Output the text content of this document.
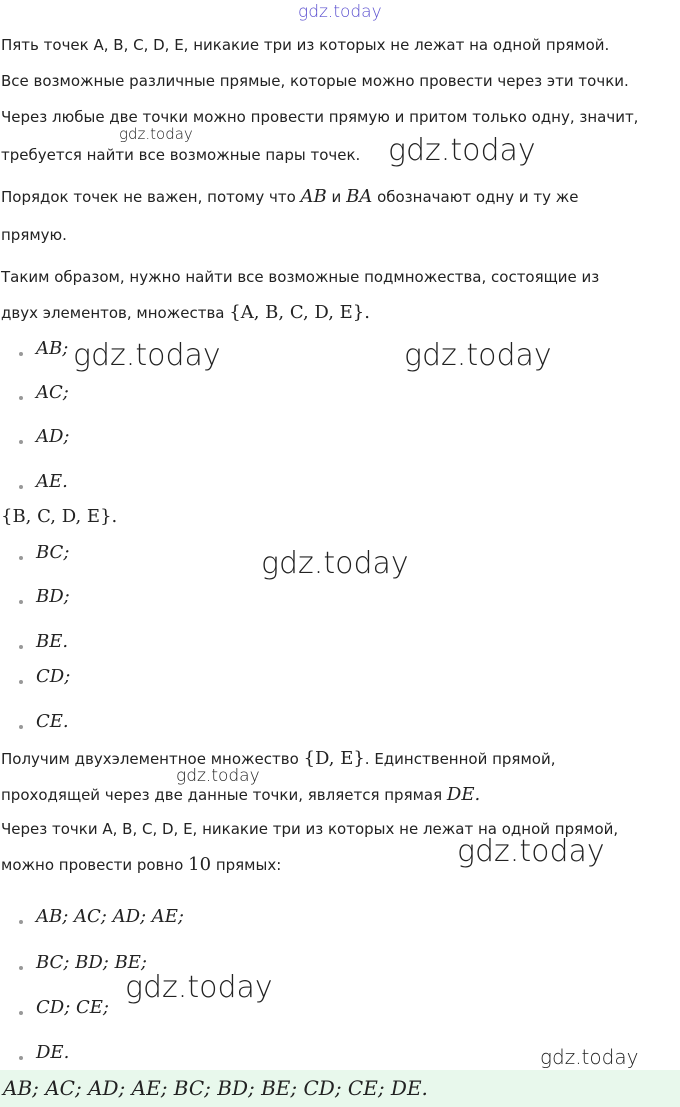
gdz.today
Пять точек A, B, C, D, E, никакие три из которых не лежат на одной прямой.
Все возможные различные прямые, которые можно провести через эти точки.
Через любые две точки можно провести прямую и притом только одну, значит,
gdz.today
требуется найти все возможные пары точек. gdz.today
Порядок точек не важен, потому что AB и BA обозначают одну и ту же
прямую.
Таким образом, нужно найти все возможные подмножества, состоящие из
двух элементов, множества {A, B, C, D, E}.
AB; gdz.today	gdz.today
AC;
AD;
AE.
{B, C, D, E}.
BC;	gdz.today
BD;
BE.
CD;
CE.
Получим двухэлементное множество {D, E}. Единственной прямой,
gdz.today
проходящей через две данные точки, является прямая DE.
Через точки A, B, C, D, E, никакие три из которых не лежат на одной прямой,
можно провести ровно 10 прямых:	gdz.today
AB; AC; AD; AE;
BC; BD; BE;
CD; CE;
gdz.today
DE.	gdz.today
AB; AC; AD; AE; BC; BD; BE; CD; CE; DE.
